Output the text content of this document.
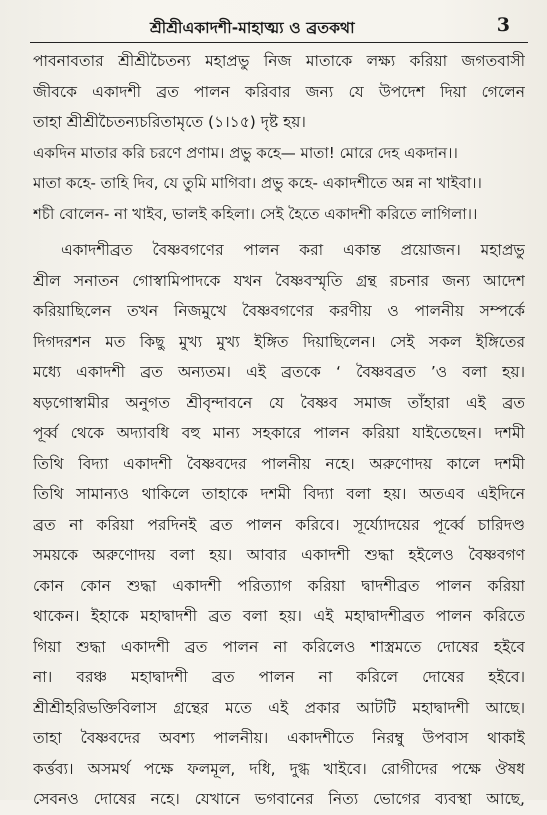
শ্রীশ্রীএকাদশী-মাহাত্ম্য ও ব্রতকথা	3
পাবনাবতার শ্রীশ্রীচৈতন্য মহাপ্রভু নিজ মাতাকে লক্ষ্য করিয়া জগতবাসী
জীবকে একাদশী ব্রত পালন করিবার জন্য যে উপদেশ দিয়া গেলেন
তাহা শ্রীশ্রীচৈতন্যচরিতামৃতে (১।১৫) দৃষ্ট হয়।
একদিন মাতার করি চরণে প্রণাম। প্রভু কহে— মাতা! মোরে দেহ একদান।।
মাতা কহে- তাহি দিব, যে তুমি মাগিবা। প্রভু কহে- একাদশীতে অন্ন না খাইবা।।
শচী বোলেন- না খাইব, ভালই কহিলা। সেই হৈতে একাদশী করিতে লাগিলা।।
একাদশীব্রত বৈষ্ণবগণের পালন করা একান্ত প্রয়োজন। মহাপ্রভু
শ্রীল সনাতন গোস্বামিপাদকে যখন বৈষ্ণবস্মৃতি গ্রন্থ রচনার জন্য আদেশ
করিয়াছিলেন তখন নিজমুখে বৈষ্ণবগণের করণীয় ও পালনীয় সম্পর্কে
দিগদরশন মত কিছু মুখ্য মুখ্য ইঙ্গিত দিয়াছিলেন। সেই সকল ইঙ্গিতের
মধ্যে একাদশী ব্রত অন্যতম। এই ব্রতকে ‘ বৈষ্ণবব্রত ’ও বলা হয়।
ষড়গোস্বামীর অনুগত শ্রীবৃন্দাবনে যে বৈষ্ণব সমাজ তাঁহারা এই ব্রত
পূর্ব্ব থেকে অদ্যাবধি বহু মান্য সহকারে পালন করিয়া যাইতেছেন। দশমী
তিথি বিদ্যা একাদশী বৈষ্ণবদের পালনীয় নহে। অরুণোদয় কালে দশমী
তিথি সামান্যও থাকিলে তাহাকে দশমী বিদ্যা বলা হয়। অতএব এইদিনে
ব্রত না করিয়া পরদিনই ব্রত পালন করিবে। সূর্য্যোদয়ের পূর্ব্বে চারিদণ্ড
সময়কে অরুণোদয় বলা হয়। আবার একাদশী শুদ্ধা হইলেও বৈষ্ণবগণ
কোন কোন শুদ্ধা একাদশী পরিত্যাগ করিয়া দ্বাদশীব্রত পালন করিয়া
থাকেন। ইহাকে মহাদ্বাদশী ব্রত বলা হয়। এই মহাদ্বাদশীব্রত পালন করিতে
গিয়া শুদ্ধা একাদশী ব্রত পালন না করিলেও শাস্ত্রমতে দোষের হইবে
না। বরঞ্চ মহাদ্বাদশী ব্রত পালন না করিলে দোষের হইবে।
শ্রীশ্রীহরিভক্তিবিলাস গ্রন্থের মতে এই প্রকার আটটি মহাদ্বাদশী আছে।
তাহা বৈষ্ণবদের অবশ্য পালনীয়। একাদশীতে নিরম্বু উপবাস থাকাই
কর্ত্তব্য। অসমর্থ পক্ষে ফলমূল, দধি, দুগ্ধ খাইবে। রোগীদের পক্ষে ঔষধ
সেবনও দোষের নহে। যেখানে ভগবানের নিত্য ভোগের ব্যবস্থা আছে,
